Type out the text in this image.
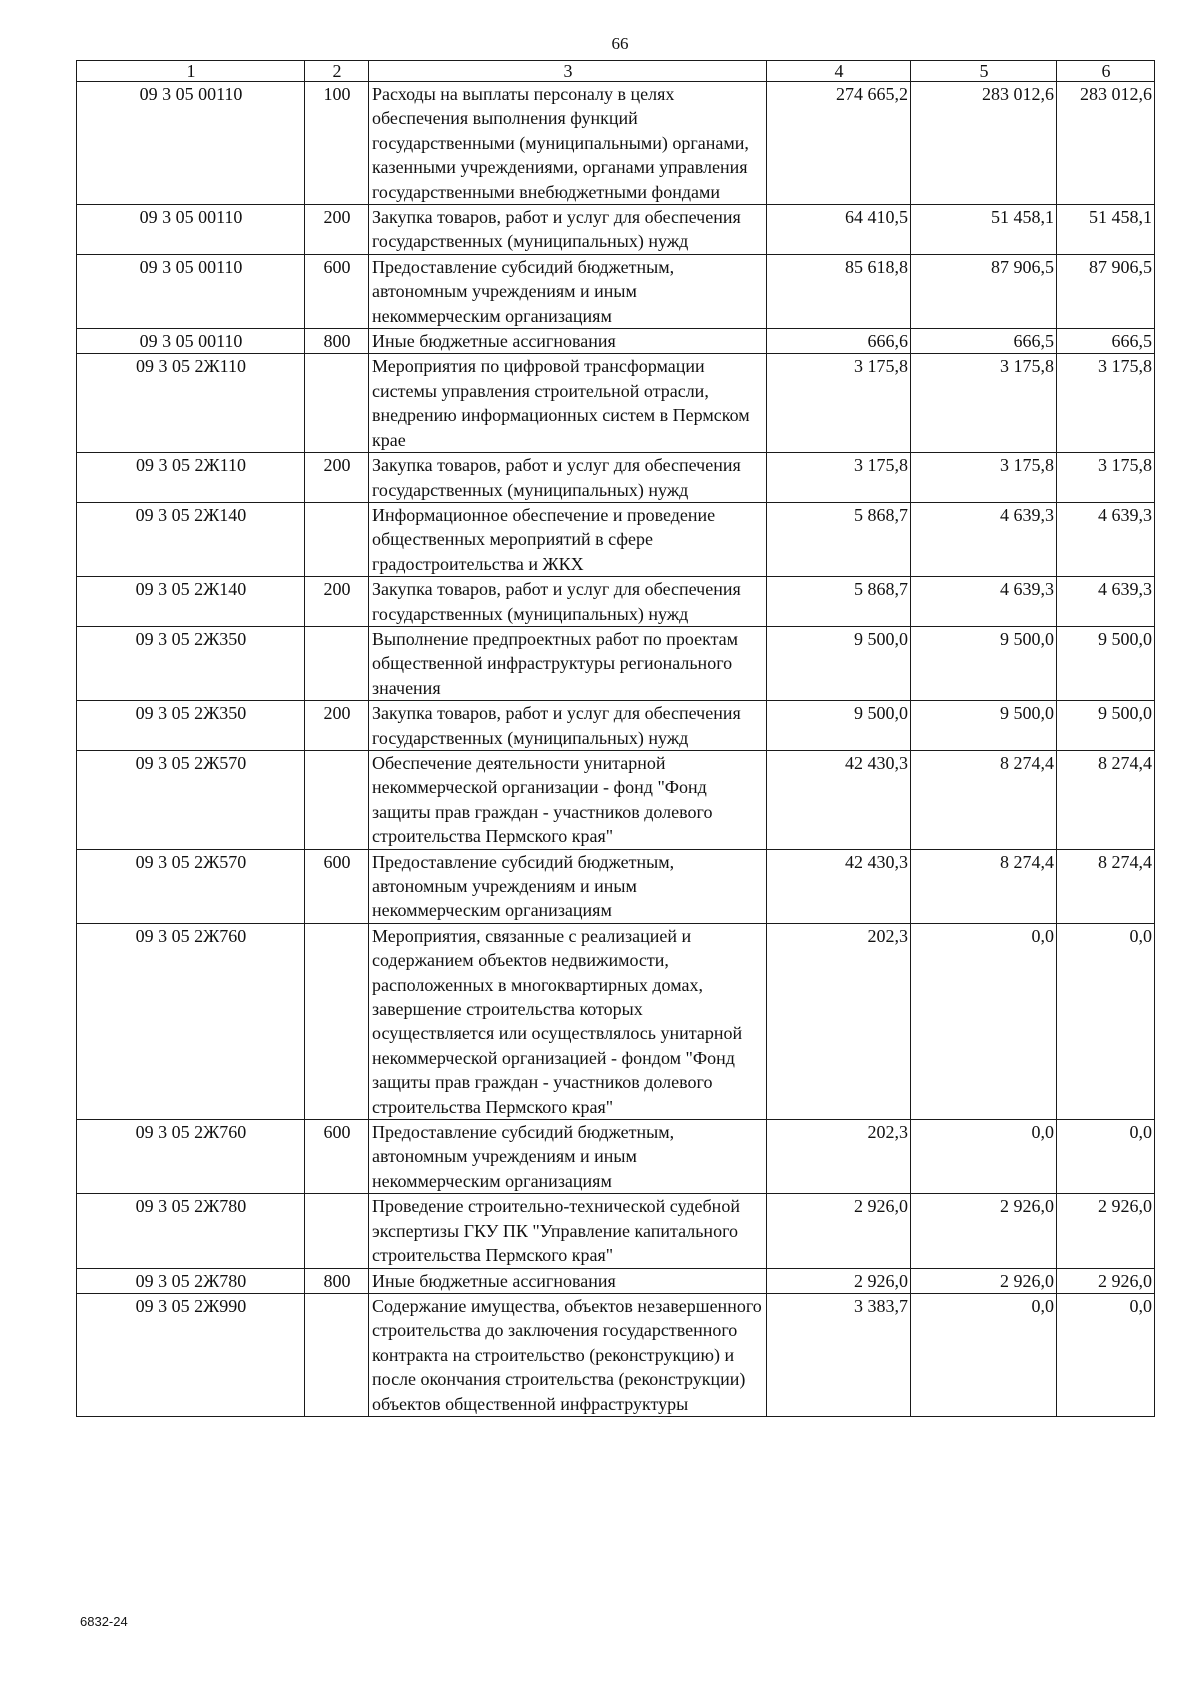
66
1	2	3	4	5	6
09 3 05 00110	100	Расходы на выплаты персоналу в целях обеспечения выполнения функций государственными (муниципальными) органами, казенными учреждениями, органами управления государственными внебюджетными фондами	274 665,2	283 012,6	283 012,6
09 3 05 00110	200	Закупка товаров, работ и услуг для обеспечения государственных (муниципальных) нужд	64 410,5	51 458,1	51 458,1
09 3 05 00110	600	Предоставление субсидий бюджетным, автономным учреждениям и иным некоммерческим организациям	85 618,8	87 906,5	87 906,5
09 3 05 00110	800	Иные бюджетные ассигнования	666,6	666,5	666,5
09 3 05 2Ж110		Мероприятия по цифровой трансформации системы управления строительной отрасли, внедрению информационных систем в Пермском крае	3 175,8	3 175,8	3 175,8
09 3 05 2Ж110	200	Закупка товаров, работ и услуг для обеспечения государственных (муниципальных) нужд	3 175,8	3 175,8	3 175,8
09 3 05 2Ж140		Информационное обеспечение и проведение общественных мероприятий в сфере градостроительства и ЖКХ	5 868,7	4 639,3	4 639,3
09 3 05 2Ж140	200	Закупка товаров, работ и услуг для обеспечения государственных (муниципальных) нужд	5 868,7	4 639,3	4 639,3
09 3 05 2Ж350		Выполнение предпроектных работ по проектам общественной инфраструктуры регионального значения	9 500,0	9 500,0	9 500,0
09 3 05 2Ж350	200	Закупка товаров, работ и услуг для обеспечения государственных (муниципальных) нужд	9 500,0	9 500,0	9 500,0
09 3 05 2Ж570		Обеспечение деятельности унитарной некоммерческой организации - фонд "Фонд защиты прав граждан - участников долевого строительства Пермского края"	42 430,3	8 274,4	8 274,4
09 3 05 2Ж570	600	Предоставление субсидий бюджетным, автономным учреждениям и иным некоммерческим организациям	42 430,3	8 274,4	8 274,4
09 3 05 2Ж760		Мероприятия, связанные с реализацией и содержанием объектов недвижимости, расположенных в многоквартирных домах, завершение строительства которых осуществляется или осуществлялось унитарной некоммерческой организацией - фондом "Фонд защиты прав граждан - участников долевого строительства Пермского края"	202,3	0,0	0,0
09 3 05 2Ж760	600	Предоставление субсидий бюджетным, автономным учреждениям и иным некоммерческим организациям	202,3	0,0	0,0
09 3 05 2Ж780		Проведение строительно-технической судебной экспертизы ГКУ ПК "Управление капитального строительства Пермского края"	2 926,0	2 926,0	2 926,0
09 3 05 2Ж780	800	Иные бюджетные ассигнования	2 926,0	2 926,0	2 926,0
09 3 05 2Ж990		Содержание имущества, объектов незавершенного строительства до заключения государственного контракта на строительство (реконструкцию) и после окончания строительства (реконструкции) объектов общественной инфраструктуры	3 383,7	0,0	0,0
6832-24
